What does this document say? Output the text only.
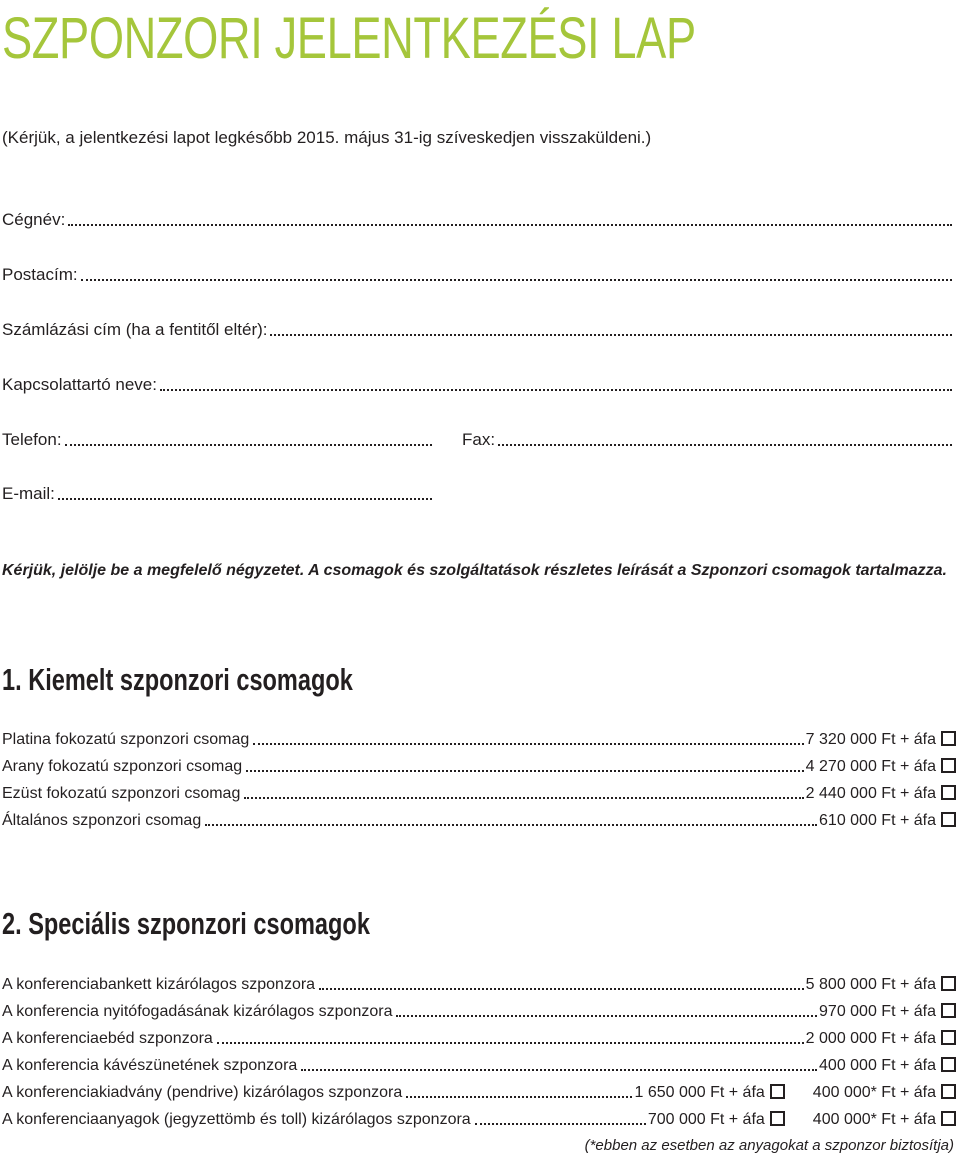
SZPONZORI JELENTKEZÉSI LAP
(Kérjük, a jelentkezési lapot legkésőbb 2015. május 31-ig szíveskedjen visszaküldeni.)
Cégnév:
Postacím:
Számlázási cím (ha a fentitől eltér):
Kapcsolattartó neve:
Telefon:	Fax:
E-mail:
Kérjük, jelölje be a megfelelő négyzetet. A csomagok és szolgáltatások részletes leírását a Szponzori csomagok tartalmazza.
1. Kiemelt szponzori csomagok
Platina fokozatú szponzori csomag	7 320 000 Ft + áfa
Arany fokozatú szponzori csomag	4 270 000 Ft + áfa
Ezüst fokozatú szponzori csomag	2 440 000 Ft + áfa
Általános szponzori csomag	610 000 Ft + áfa
2. Speciális szponzori csomagok
A konferenciabankett kizárólagos szponzora	5 800 000 Ft + áfa
A konferencia nyitófogadásának kizárólagos szponzora	970 000 Ft + áfa
A konferenciaebéd szponzora	2 000 000 Ft + áfa
A konferencia kávészünetének szponzora	400 000 Ft + áfa
A konferenciakiadvány (pendrive) kizárólagos szponzora	1 650 000 Ft + áfa	400 000* Ft + áfa
A konferenciaanyagok (jegyzettömb és toll) kizárólagos szponzora	700 000 Ft + áfa	400 000* Ft + áfa
(*ebben az esetben az anyagokat a szponzor biztosítja)
